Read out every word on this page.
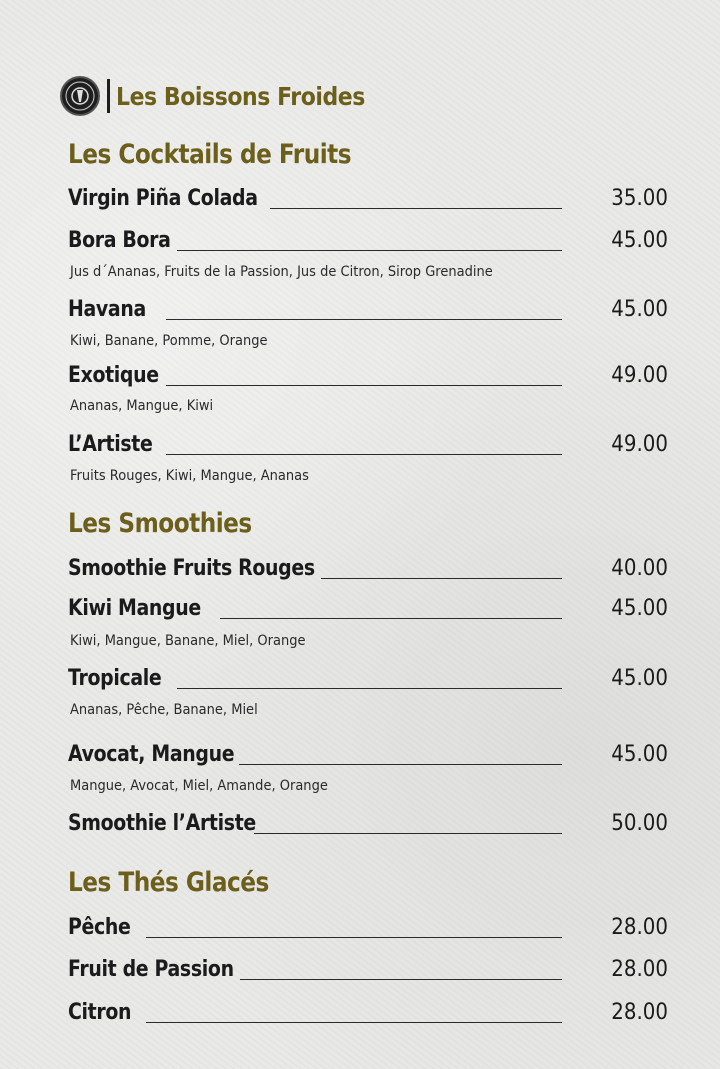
Les Boissons Froides
Les Cocktails de Fruits
Virgin Piña Colada	35.00
Bora Bora	45.00
Jus d´Ananas, Fruits de la Passion, Jus de Citron, Sirop Grenadine
Havana	45.00
Kiwi, Banane, Pomme, Orange
Exotique	49.00
Ananas, Mangue, Kiwi
L’Artiste	49.00
Fruits Rouges, Kiwi, Mangue, Ananas
Les Smoothies
Smoothie Fruits Rouges	40.00
Kiwi Mangue	45.00
Kiwi, Mangue, Banane, Miel, Orange
Tropicale	45.00
Ananas, Pêche, Banane, Miel
Avocat, Mangue	45.00
Mangue, Avocat, Miel, Amande, Orange
Smoothie l’Artiste	50.00
Les Thés Glacés
Pêche	28.00
Fruit de Passion	28.00
Citron	28.00
